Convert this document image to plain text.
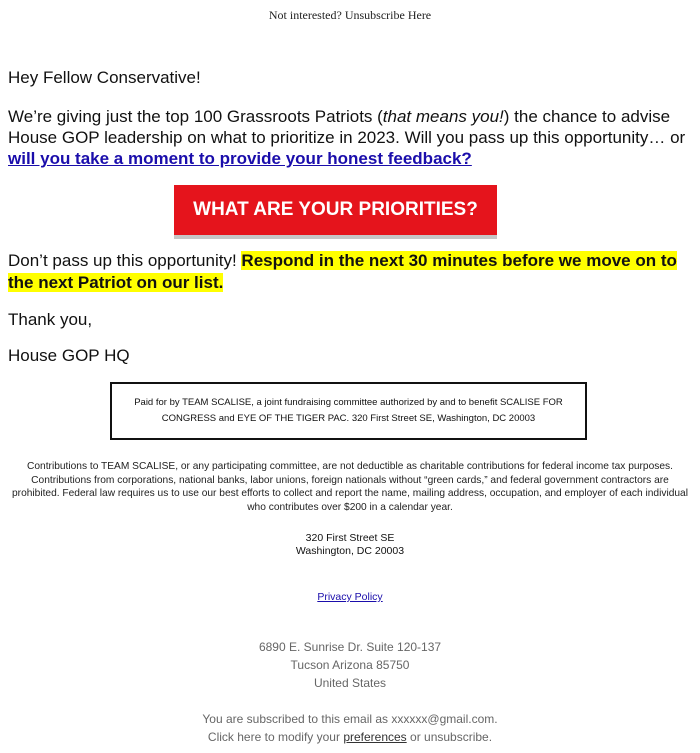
Not interested? Unsubscribe Here
Hey Fellow Conservative!
We’re giving just the top 100 Grassroots Patriots (that means you!) the chance to advise House GOP leadership on what to prioritize in 2023. Will you pass up this opportunity… or will you take a moment to provide your honest feedback?
WHAT ARE YOUR PRIORITIES?
Don’t pass up this opportunity! Respond in the next 30 minutes before we move on to the next Patriot on our list.
Thank you,
House GOP HQ
Paid for by TEAM SCALISE, a joint fundraising committee authorized by and to benefit SCALISE FOR CONGRESS and EYE OF THE TIGER PAC. 320 First Street SE, Washington, DC 20003
Contributions to TEAM SCALISE, or any participating committee, are not deductible as charitable contributions for federal income tax purposes. Contributions from corporations, national banks, labor unions, foreign nationals without “green cards,” and federal government contractors are prohibited. Federal law requires us to use our best efforts to collect and report the name, mailing address, occupation, and employer of each individual who contributes over $200 in a calendar year.
320 First Street SE
Washington, DC 20003
Privacy Policy
6890 E. Sunrise Dr. Suite 120-137
Tucson Arizona 85750
United States
You are subscribed to this email as xxxxxx@gmail.com.
Click here to modify your preferences or unsubscribe.
